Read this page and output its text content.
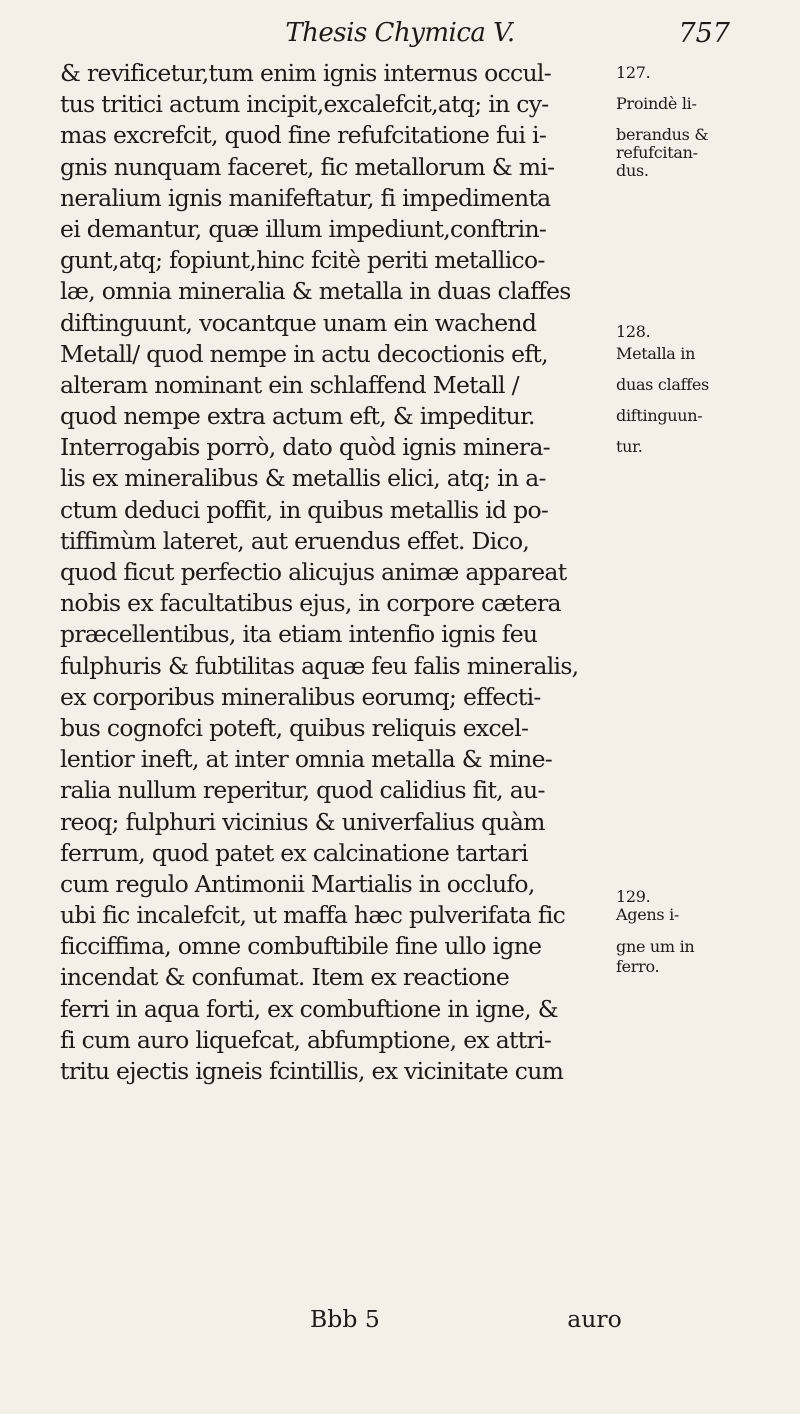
Thesis Chymica V.	757
& revificetur,tum enim ignis internus occul-
tus tritici actum incipit,excalefcit,atq; in cy-
mas excrefcit, quod fine refufcitatione fui i-
gnis nunquam faceret, fic metallorum & mi-
neralium ignis manifeftatur, fi impedimenta
ei demantur, quæ illum impediunt,conftrin-
gunt,atq; fopiunt,hinc fcitè periti metallico-
læ, omnia mineralia & metalla in duas claffes
diftinguunt, vocantque unam ein wachend
Metall/ quod nempe in actu decoctionis eft,
alteram nominant ein schlaffend Metall /
quod nempe extra actum eft, & impeditur.
Interrogabis porrò, dato quòd ignis minera-
lis ex mineralibus & metallis elici, atq; in a-
ctum deduci poffit, in quibus metallis id po-
tiffimùm lateret, aut eruendus effet. Dico,
quod ficut perfectio alicujus animæ appareat
nobis ex facultatibus ejus, in corpore cætera
præcellentibus, ita etiam intenfio ignis feu
fulphuris & fubtilitas aquæ feu falis mineralis,
ex corporibus mineralibus eorumq; effecti-
bus cognofci poteft, quibus reliquis excel-
lentior ineft, at inter omnia metalla & mine-
ralia nullum reperitur, quod calidius fit, au-
reoq; fulphuri vicinius & univerfalius quàm
ferrum, quod patet ex calcinatione tartari
cum regulo Antimonii Martialis in occlufo,
ubi fic incalefcit, ut maffa hæc pulverifata fic
ficciffima, omne combuftibile fine ullo igne
incendat & confumat. Item ex reactione
ferri in aqua forti, ex combuftione in igne, &
fi cum auro liquefcat, abfumptione, ex attri-
tritu ejectis igneis fcintillis, ex vicinitate cum
127.
Proindè li-
berandus &
refufcitan-
dus.
128.
Metalla in
duas claffes
diftinguun-
tur.
129.
Agens i-
gne um in
ferro.
Bbb 5	auro
